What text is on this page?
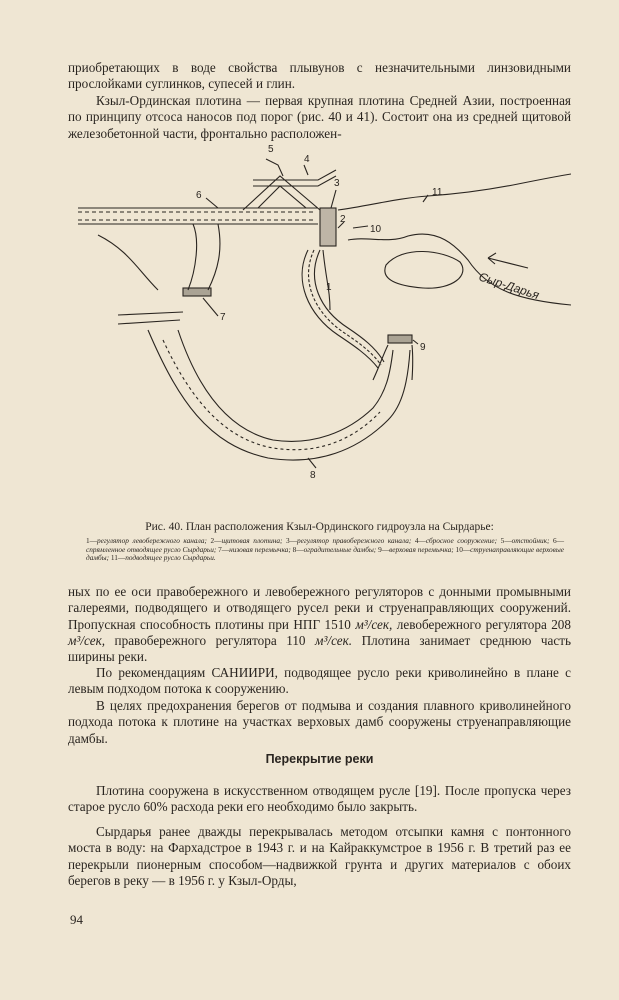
приобретающих в воде свойства плывунов с незначительными линзовидными прослойками суглинков, супесей и глин.

Кзыл-Ординская плотина — первая крупная плотина Средней Азии, построенная по принципу отсоса наносов под порог (рис. 40 и 41). Состоит она из средней щитовой железобетонной части, фронтально расположен-

5
4
3
6
2
10
11
1
7
9
8
Сыр-Дарья

Рис. 40. План расположения Кзыл-Ординского гидроузла на Сырдарье:

1—регулятор левобережного канала; 2—щитовая плотина; 3—регулятор правобережного канала; 4—сбросное сооружение; 5—отстойник; 6—спрямленное отводящее русло Сырдарьи; 7—низовая перемычка; 8—оградительные дамбы; 9—верховая перемычка; 10—струенаправляющие верховые дамбы; 11—подводящее русло Сырдарьи.

ных по ее оси правобережного и левобережного регуляторов с донными промывными галереями, подводящего и отводящего русел реки и струенаправляющих сооружений. Пропускная способность плотины при НПГ 1510 м³/сек, левобережного регулятора 208 м³/сек, правобережного регулятора 110 м³/сек. Плотина занимает среднюю часть ширины реки.

По рекомендациям САНИИРИ, подводящее русло реки криволинейно в плане с левым подходом потока к сооружению.

В целях предохранения берегов от подмыва и создания плавного криволинейного подхода потока к плотине на участках верховых дамб сооружены струенаправляющие дамбы.

Перекрытие реки

Плотина сооружена в искусственном отводящем русле [19]. После пропуска через старое русло 60% расхода реки его необходимо было закрыть.

Сырдарья ранее дважды перекрывалась методом отсыпки камня с понтонного моста в воду: на Фархадстрое в 1943 г. и на Кайраккумстрое в 1956 г. В третий раз ее перекрыли пионерным способом—надвижкой грунта и других материалов с обоих берегов в реку — в 1956 г. у Кзыл-Орды,

94
